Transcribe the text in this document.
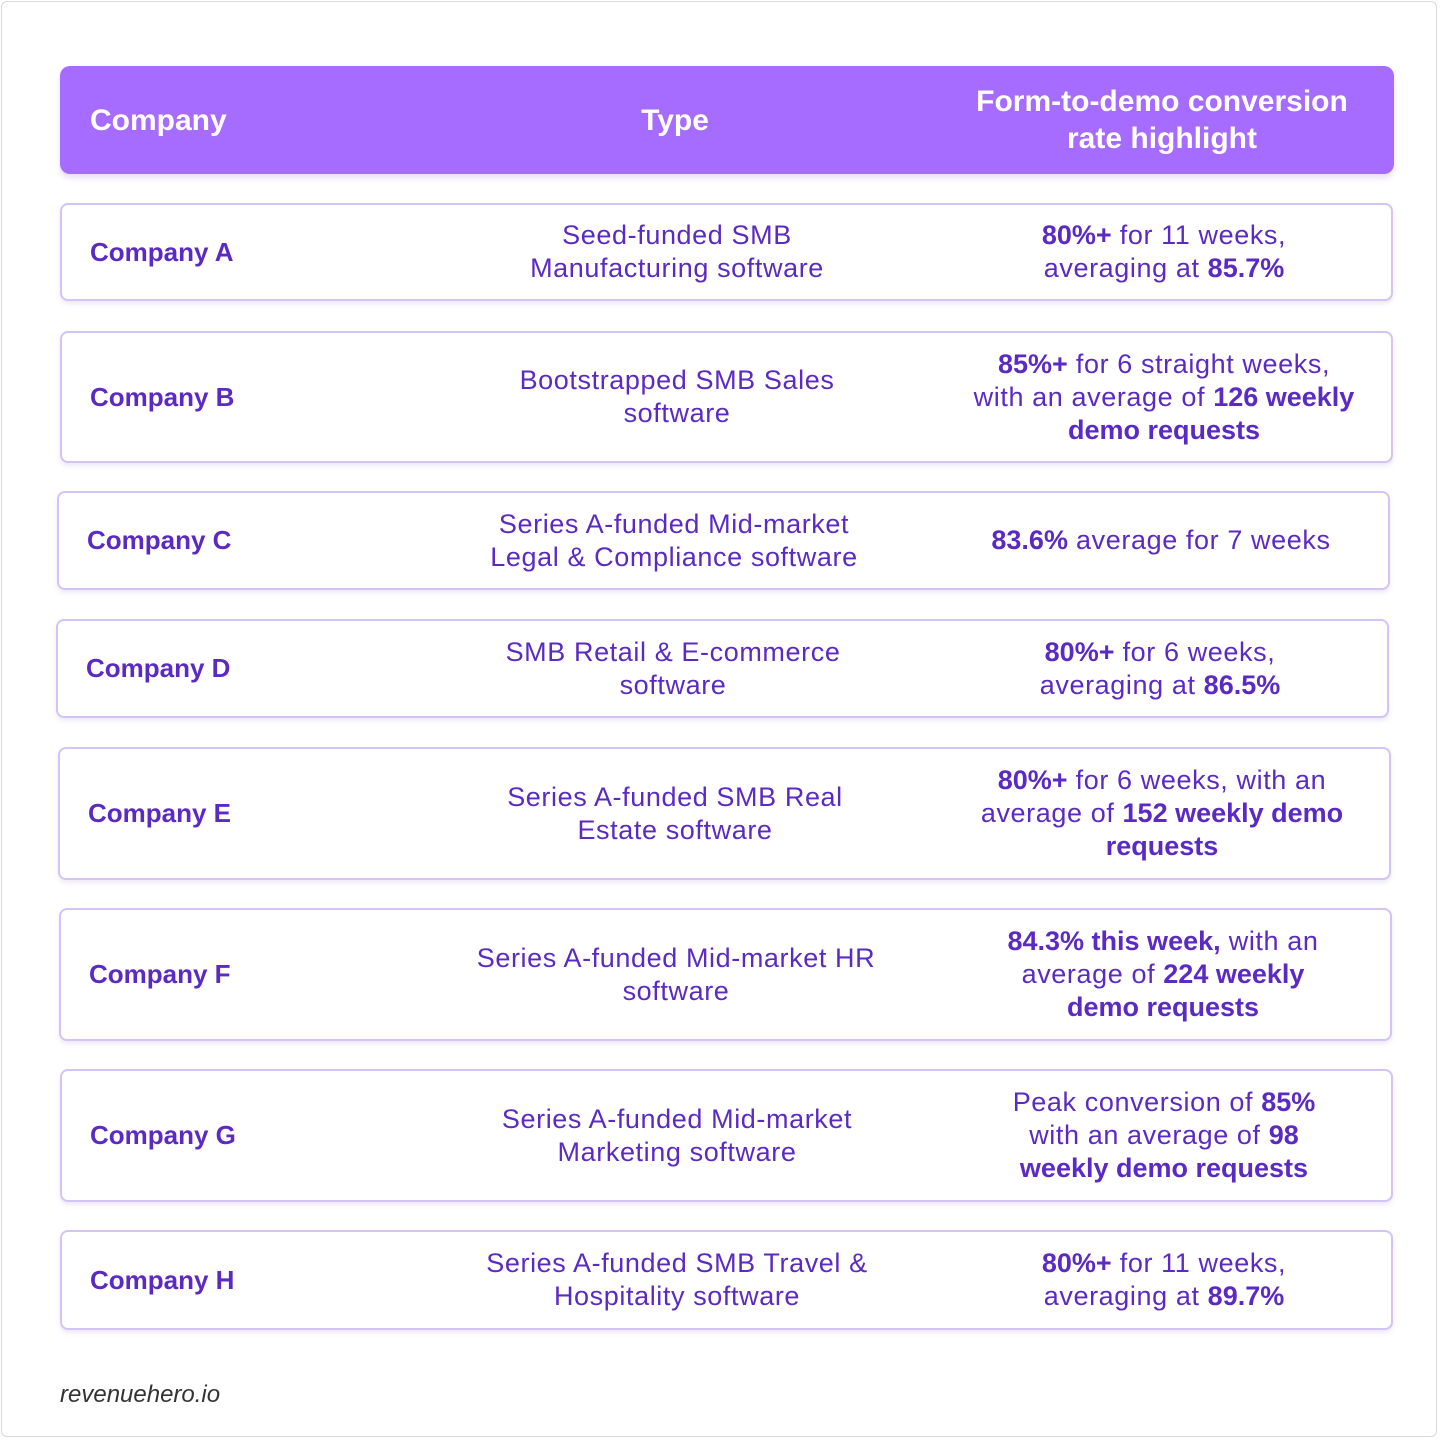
Company	Type
Form-to-demo conversion rate highlight
Company A
Seed-funded SMB Manufacturing software
80%+ for 11 weeks, averaging at 85.7%
Company B
Bootstrapped SMB Sales software
85%+ for 6 straight weeks, with an average of 126 weekly demo requests
Company C
Series A-funded Mid-market Legal & Compliance software
83.6% average for 7 weeks
Company D
SMB Retail & E-commerce software
80%+ for 6 weeks, averaging at 86.5%
Company E
Series A-funded SMB Real Estate software
80%+ for 6 weeks, with an average of 152 weekly demo requests
Company F
Series A-funded Mid-market HR software
84.3% this week, with an average of 224 weekly demo requests
Company G
Series A-funded Mid-market Marketing software
Peak conversion of 85% with an average of 98 weekly demo requests
Company H
Series A-funded SMB Travel & Hospitality software
80%+ for 11 weeks, averaging at 89.7%
revenuehero.io
